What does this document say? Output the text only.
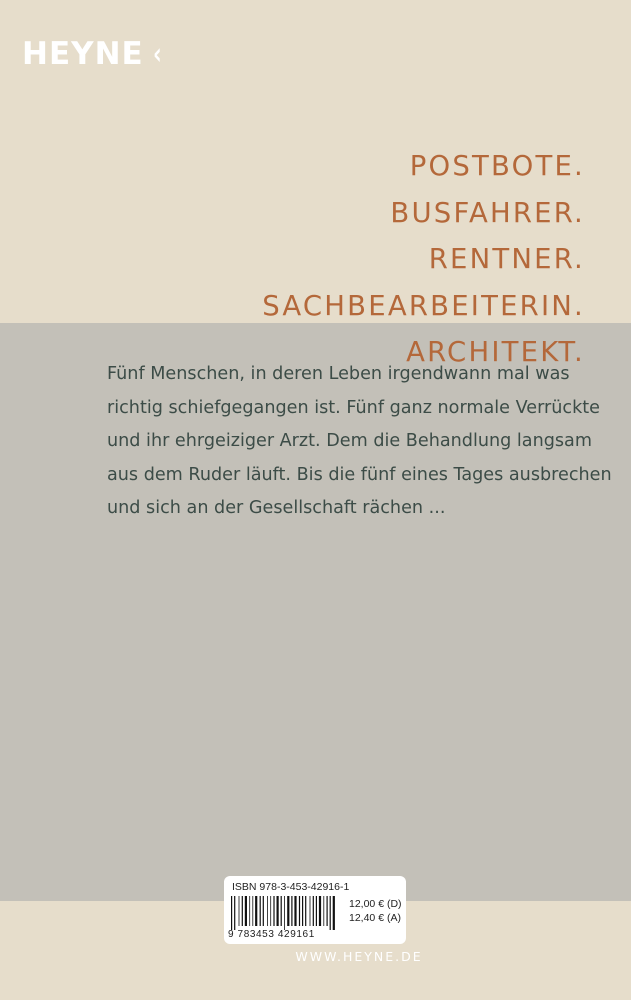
HEYNE ‹
POSTBOTE.
BUSFAHRER.
RENTNER.
SACHBEARBEITERIN.
ARCHITEKT.
Fünf Menschen, in deren Leben irgendwann mal was
richtig schiefgegangen ist. Fünf ganz normale Verrückte
und ihr ehrgeiziger Arzt. Dem die Behandlung langsam
aus dem Ruder läuft. Bis die fünf eines Tages ausbrechen
und sich an der Gesellschaft rächen ...
ISBN 978-3-453-42916-1
9 783453 429161
12,00 € (D)
12,40 € (A)
WWW.HEYNE.DE
